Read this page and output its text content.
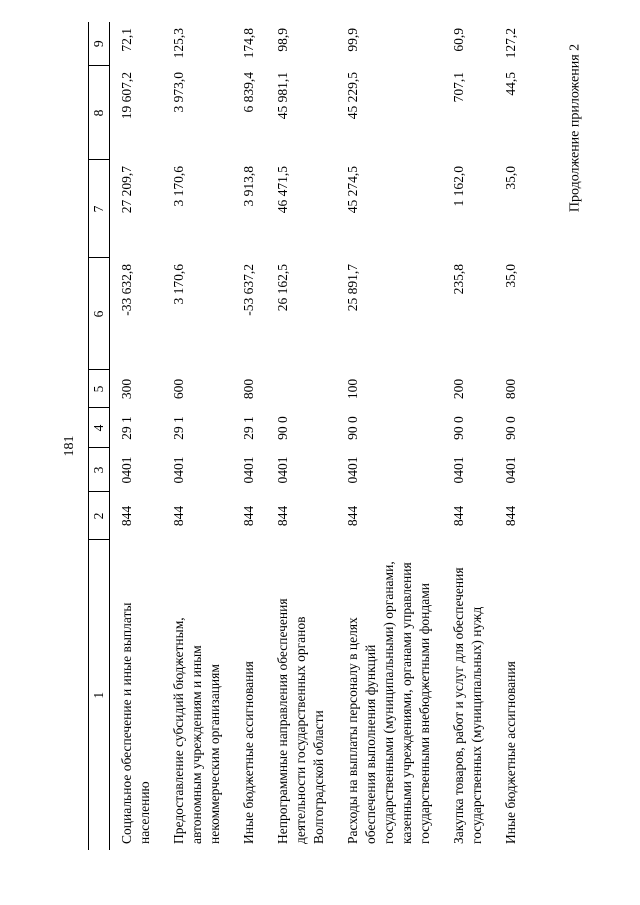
181
Продолжение приложения 2
1	2	3	4	5	6	7	8	9
Социальное обеспечение и иные выплаты населению	844	0401	29 1	300	-33 632,8	27 209,7	19 607,2	72,1
Предоставление субсидий бюджетным, автономным учреждениям и иным некоммерческим организациям	844	0401	29 1	600	3 170,6	3 170,6	3 973,0	125,3
Иные бюджетные ассигнования	844	0401	29 1	800	-53 637,2	3 913,8	6 839,4	174,8
Непрограммные направления обеспечения деятельности государственных органов Волгоградской области	844	0401	90 0		26 162,5	46 471,5	45 981,1	98,9
Расходы на выплаты персоналу в целях обеспечения выполнения функций государственными (муниципальными) органами, казенными учреждениями, органами управления государственными внебюджетными фондами	844	0401	90 0	100	25 891,7	45 274,5	45 229,5	99,9
Закупка товаров, работ и услуг для обеспечения государственных (муниципальных) нужд	844	0401	90 0	200	235,8	1 162,0	707,1	60,9
Иные бюджетные ассигнования	844	0401	90 0	800	35,0	35,0	44,5	127,2
